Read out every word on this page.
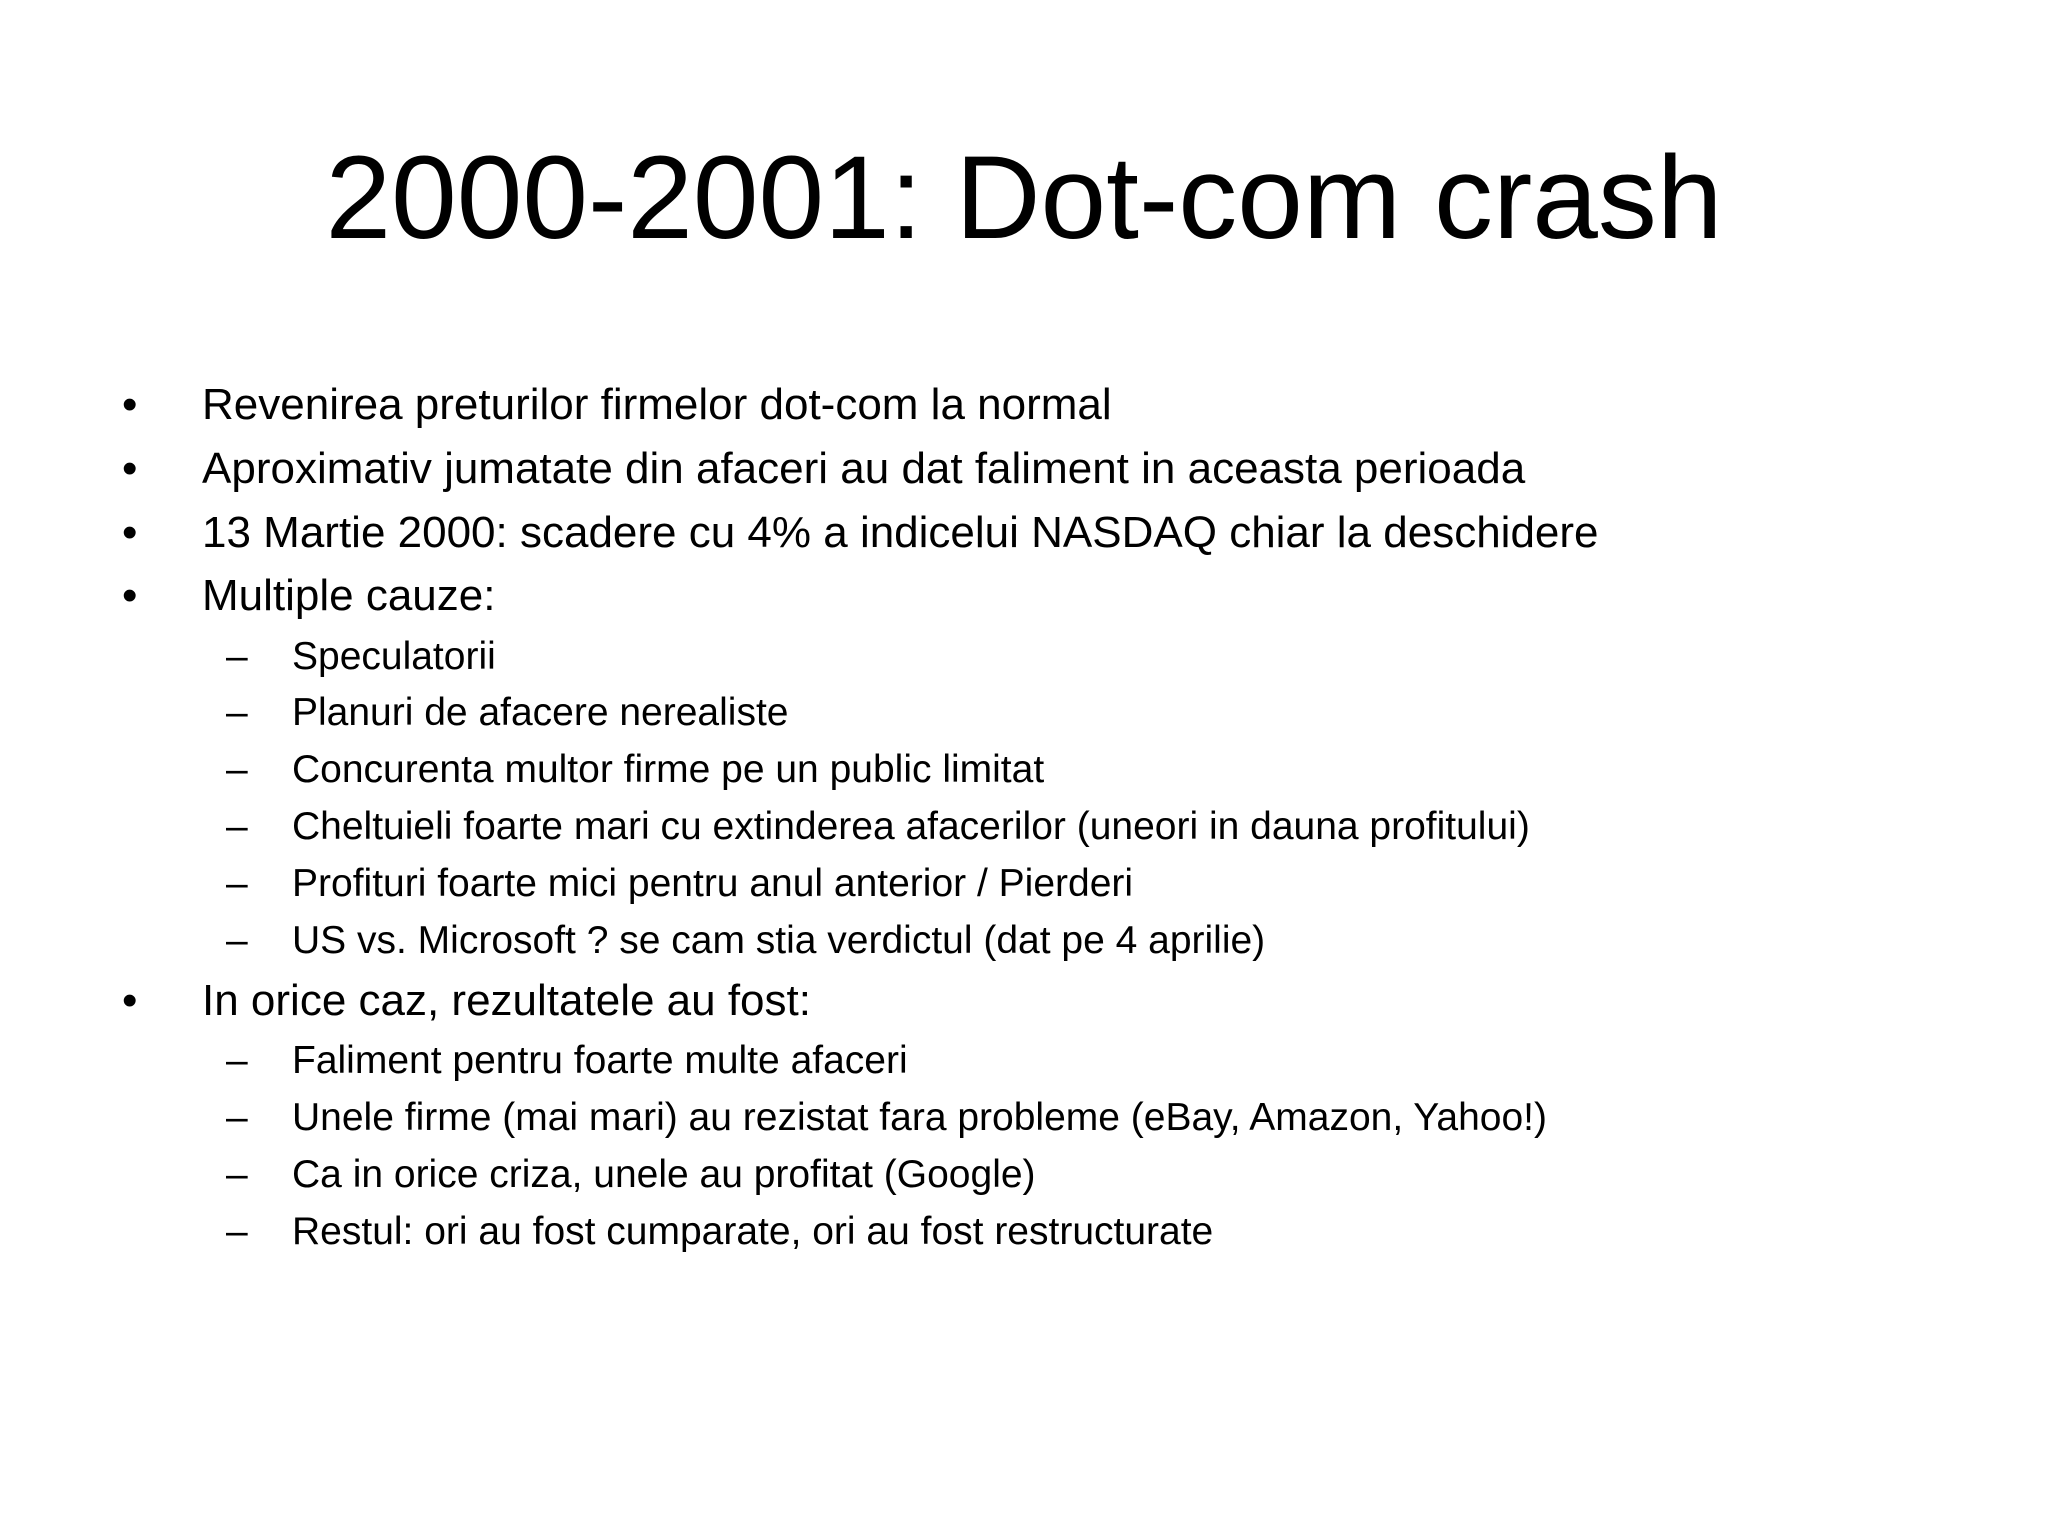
2000-2001: Dot-com crash
• Revenirea preturilor firmelor dot-com la normal
• Aproximativ jumatate din afaceri au dat faliment in aceasta perioada
• 13 Martie 2000: scadere cu 4% a indicelui NASDAQ chiar la deschidere
• Multiple cauze:
– Speculatorii
– Planuri de afacere nerealiste
– Concurenta multor firme pe un public limitat
– Cheltuieli foarte mari cu extinderea afacerilor (uneori in dauna profitului)
– Profituri foarte mici pentru anul anterior / Pierderi
– US vs. Microsoft ? se cam stia verdictul (dat pe 4 aprilie)
• In orice caz, rezultatele au fost:
– Faliment pentru foarte multe afaceri
– Unele firme (mai mari) au rezistat fara probleme (eBay, Amazon, Yahoo!)
– Ca in orice criza, unele au profitat (Google)
– Restul: ori au fost cumparate, ori au fost restructurate
